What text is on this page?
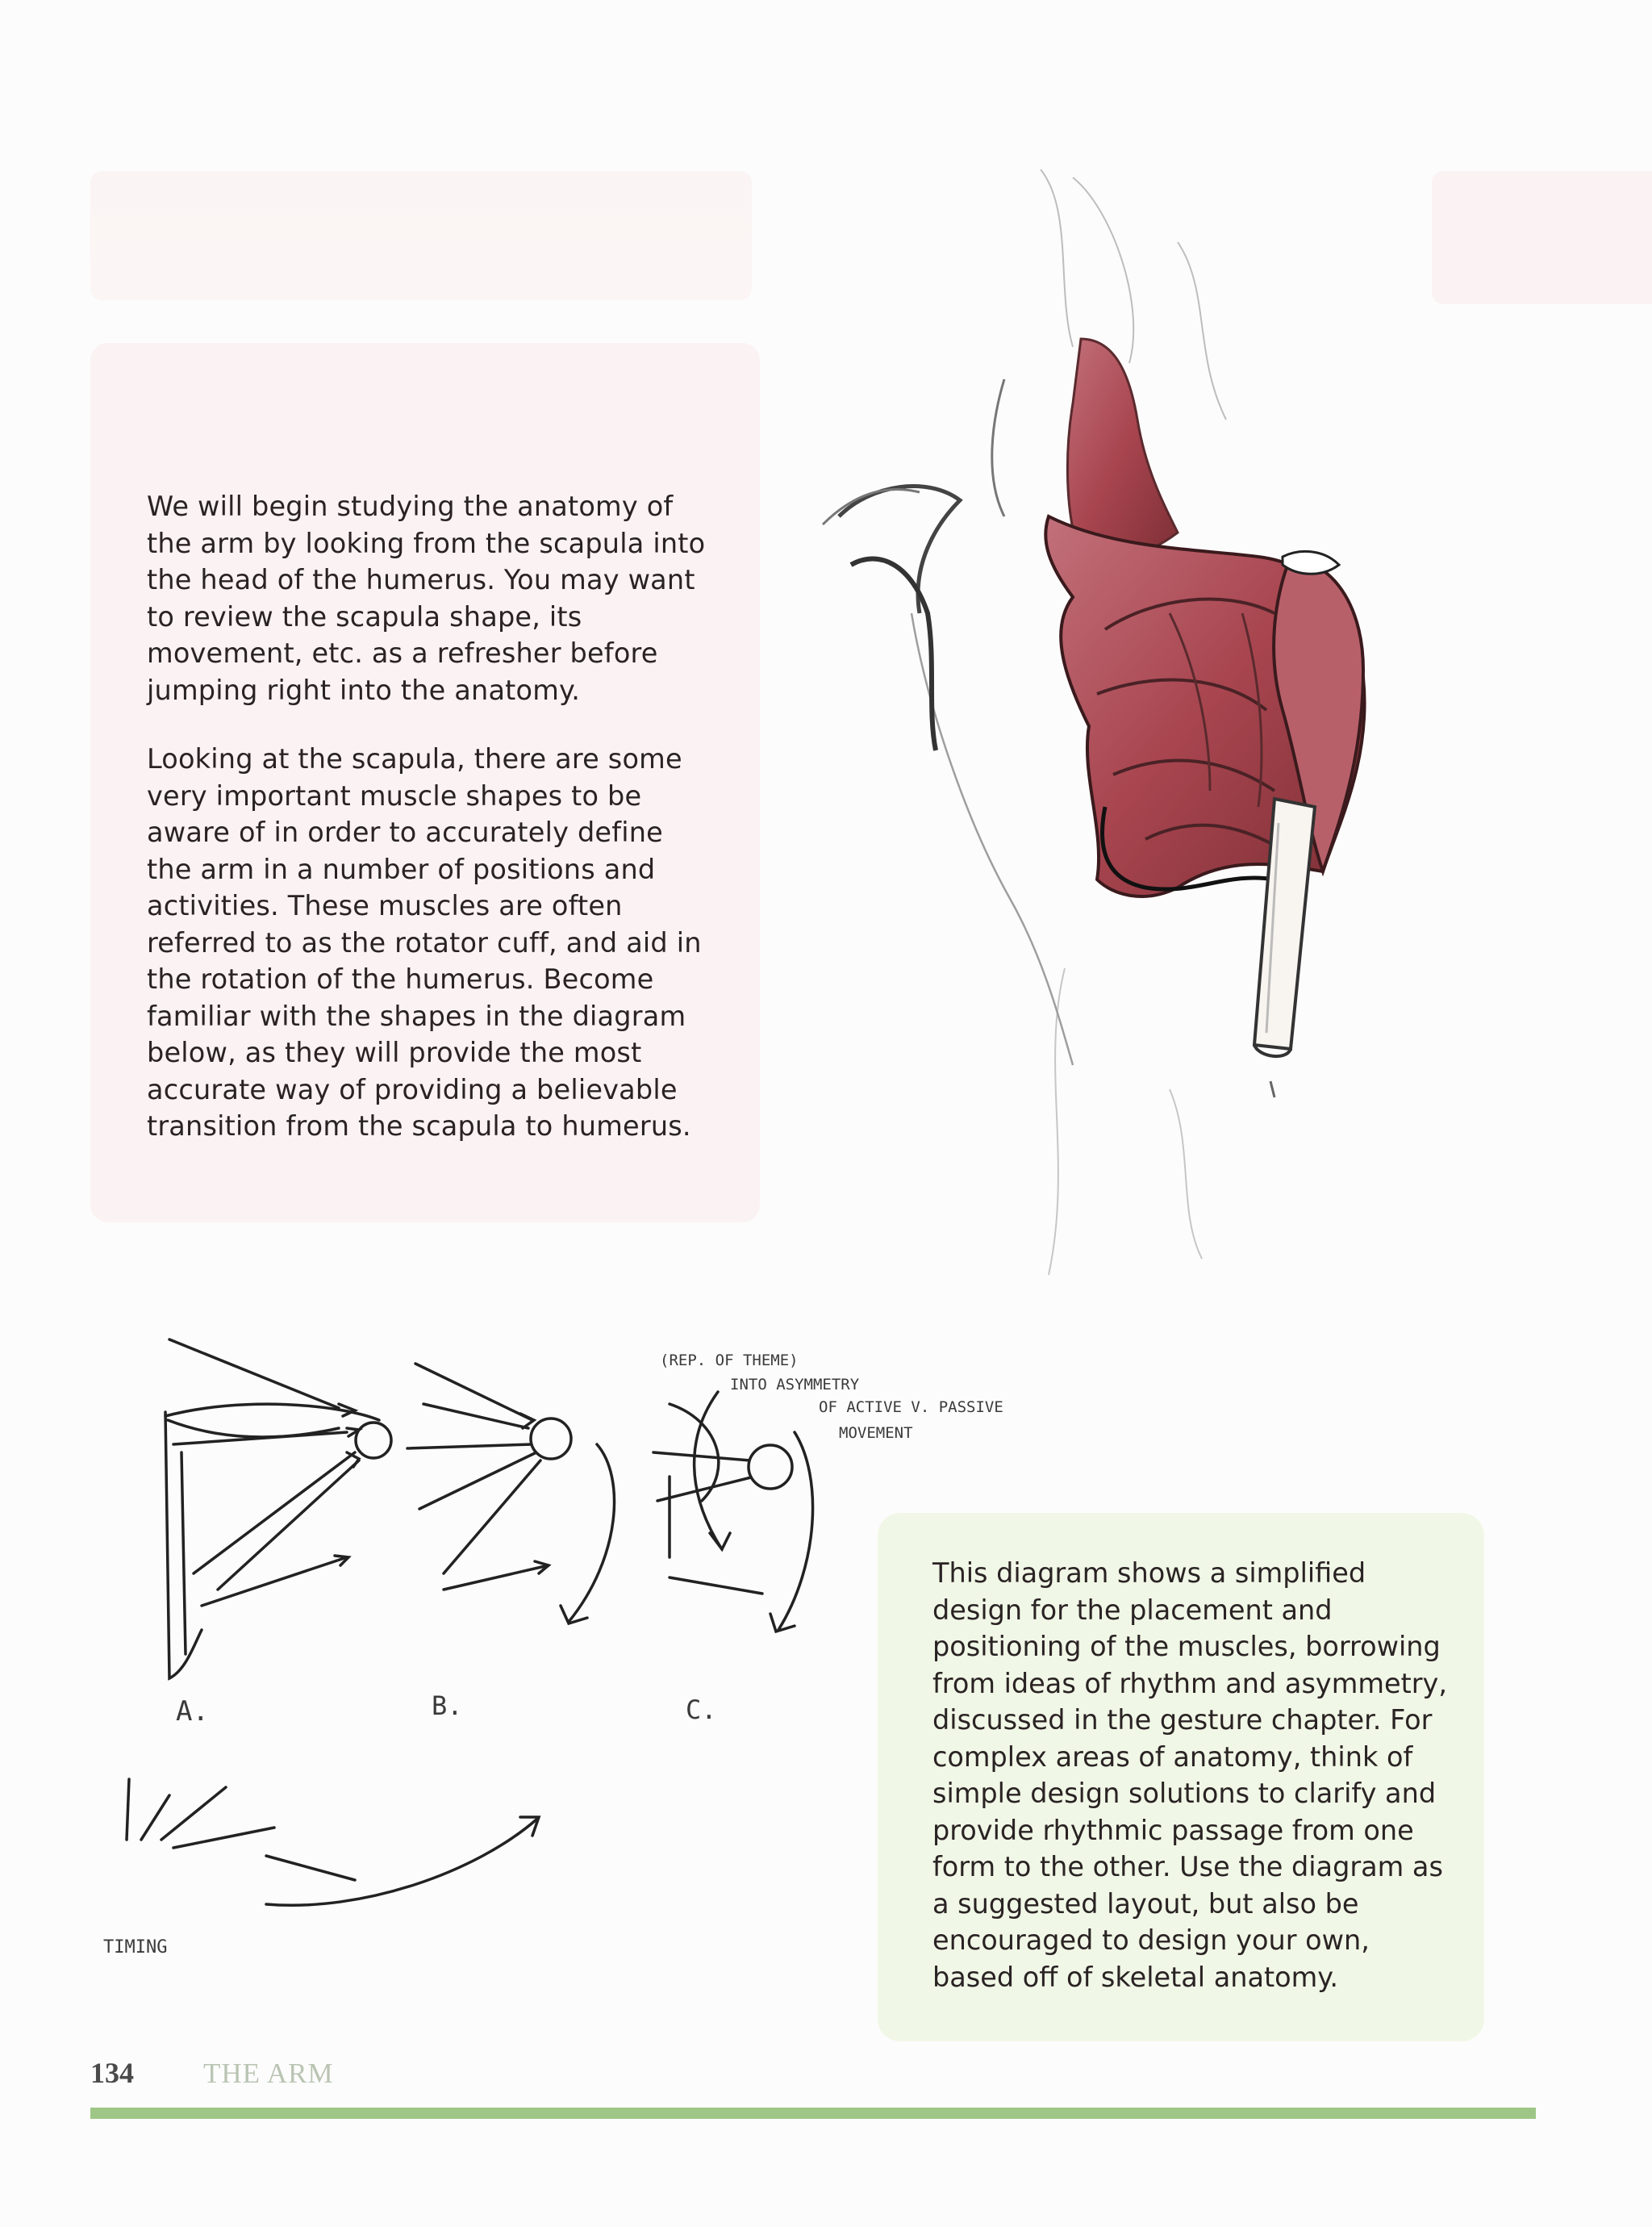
We will begin studying the anatomy of the arm by looking from the scapula into the head of the humerus. You may want to review the scapula shape, its movement, etc. as a refresher before jumping right into the anatomy.

Looking at the scapula, there are some very important muscle shapes to be aware of in order to accurately define the arm in a number of positions and activities. These muscles are often referred to as the rotator cuff, and aid in the rotation of the humerus. Become familiar with the shapes in the diagram below, as they will provide the most accurate way of providing a believable transition from the scapula to humerus.

This diagram shows a simplified design for the placement and positioning of the muscles, borrowing from ideas of rhythm and asymmetry, discussed in the gesture chapter. For complex areas of anatomy, think of simple design solutions to clarify and provide rhythmic passage from one form to the other. Use the diagram as a suggested layout, but also be encouraged to design your own, based off of skeletal anatomy.

A.	B.	C.
(REP. OF THEME)
INTO ASYMMETRY
OF ACTIVE V. PASSIVE
MOVEMENT
TIMING
134 THE ARM
